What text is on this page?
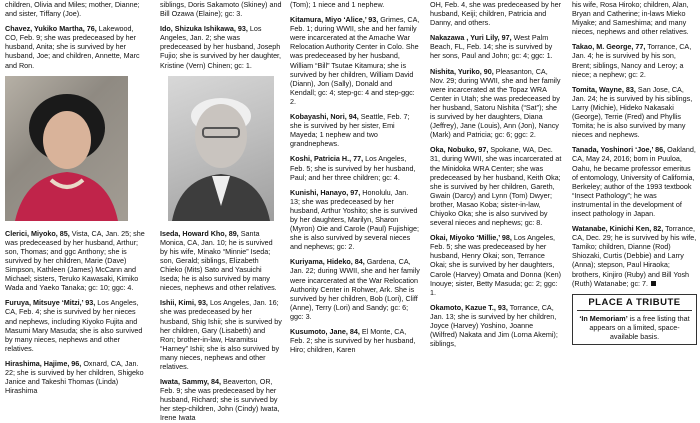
children, Olivia and Miles; mother, Dianne; and sister, Tiffany (Joe).
Chavez, Yukiko Martha, 76, Lakewood, CO, Feb. 9; she was predeceased by her husband, Anita; she is survived by her husband, Joe; and children, Annette, Marc and Ron.
Clerici, Miyoko, 85, Vista, CA, Jan. 25; she was predeceased by her husband, Arthur; son, Thomas; and ggc Anthony; she is survived by her children, Marie (Dave) Simpson, Kathleen (James) McCann and Michael; sisters, Teruko Kawasaki, Kimiko Wada and Yaeko Tanaka; gc: 10; ggc: 4.
Furuya, Mitsuye ‘Mitzi,’ 93, Los Angeles, CA, Feb. 4; she is survived by her nieces and nephews, including Kiyoko Fujita and Masumi Mary Masuda; she is also survived by many nieces, nephews and other relatives.
Hirashima, Hajime, 96, Oxnard, CA, Jan. 22; she is survived by her children, Shigeko Janice and Takeshi Thomas (Linda) Hirashima
siblings, Doris Sakamoto (Skiney) and Bill Ozawa (Elaine); gc: 3.
Ido, Shizuka Ishikawa, 93, Los Angeles, Jan. 2; she was predeceased by her husband, Joseph Fujio; she is survived by her daughter, Kristine (Vern) Chinen; gc: 1.
Iseda, Howard Kho, 89, Santa Monica, CA, Jan. 10; he is survived by his wife, Minako “Minnie” Iseda; son, Gerald; siblings, Elizabeth Chieko (Mits) Sato and Yasuichi Iseda; he is also survived by many nieces, nephews and other relatives.
Ishii, Kimi, 93, Los Angeles, Jan. 16; she was predeceased by her husband, Shig Ishii; she is survived by her children, Gary (Lisabeth) and Ron; brother-in-law, Haramitsu “Harney” Ishii; she is also survived by many nieces, nephews and other relatives.
Iwata, Sammy, 84, Beaverton, OR, Feb. 9; she was predeceased by her husband, Richard; she is survived by her step-children, John (Cindy) Iwata, Irene Iwata
(Tom); 1 niece and 1 nephew.
Kitamura, Miyo ‘Alice,’ 93, Grimes, CA, Feb. 1; during WWII, she and her family were incarcerated at the Amache War Relocation Authority Center in Colo. She was predeceased by her husband, William “Bill” Tsutae Kitamura; she is survived by her children, William David (Diann), Jon (Sally), Donald and Kendall; gc: 4; step-gc: 4 and step-ggc: 2.
Kobayashi, Nori, 94, Seattle, Feb. 7; she is survived by her sister, Emi Mayeda; 1 nephew and two grandnephews.
Koshi, Patricia H., 77, Los Angeles, Feb. 5; she is survived by her husband, Paul; and her three children; gc: 4.
Kunishi, Hanayo, 97, Honolulu, Jan. 13; she was predeceased by her husband, Arthur Yoshito; she is survived by her daughters, Marilyn, Sharon (Myron) Oie and Carole (Paul) Fujishige; she is also survived by several nieces and nephews; gc: 2.
Kuriyama, Hideko, 84, Gardena, CA, Jan. 22; during WWII, she and her family were incarcerated at the War Relocation Authority Center in Rohwer, Ark. She is survived by her children, Bob (Lori), Cliff (Anne), Terry (Lori) and Sandy; gc: 6; ggc: 3.
Kusumoto, Jane, 84, El Monte, CA, Feb. 2; she is survived by her husband, Hiro; children, Karen
OH, Feb. 4, she was predeceased by her husband, Keiji; children, Patricia and Danny, and others.
Nakazawa , Yuri Lily, 97, West Palm Beach, FL, Feb. 14; she is survived by her sons, Paul and John; gc: 4; ggc: 1.
Nishita, Yuriko, 90, Pleasanton, CA, Nov. 29; during WWII, she and her family were incarcerated at the Topaz WRA Center in Utah; she was predeceased by her husband, Satoru Nishita (“Sat”); she is survived by her daughters, Diana (Jeffrey), Jane (Louis), Ann (Jon), Nancy (Mark) and Patricia; gc: 6; ggc: 2.
Oka, Nobuko, 97, Spokane, WA, Dec. 31, during WWII, she was incarcerated at the Minidoka WRA Center; she was predeceased by her husband, Keith Oka; she is survived by her children, Gareth, Gwain (Darcy) and Lynn (Tom) Dwyer; brother, Masao Koba; sister-in-law, Chiyoko Oka; she is also survived by several nieces and nephews; gc: 8.
Okai, Miyoko ‘Millie,’ 98, Los Angeles, Feb. 5; she was predeceased by her husband, Henry Okai; son, Terrance Okai; she is survived by her daughters, Carole (Harvey) Omata and Donna (Ken) Inouye; sister, Betty Masuda; gc: 2; ggc: 1.
Okamoto, Kazue T., 93, Torrance, CA, Jan. 13; she is survived by her children, Joyce (Harvey) Yoshino, Joanne (Wilfred) Nakata and Jim (Lorna Akemi); siblings,
his wife, Rosa Hiroko; children, Alan, Bryan and Catherine; in-laws Mieko Miyake; and Sameshima; and many nieces, nephews and other relatives.
Takao, M. George, 77, Torrance, CA, Jan. 4; he is survived by his son, Brent; siblings, Nancy and Leroy; a niece; a nephew; gc: 2.
Tomita, Wayne, 83, San Jose, CA, Jan. 24; he is survived by his siblings, Larry (Michie), Hideko Nakasaki (George), Terrie (Fred) and Phyllis Tomita; he is also survived by many nieces and nephews.
Tanada, Yoshinori ‘Joe,’ 86, Oakland, CA, May 24, 2016; born in Puuloa, Oahu, he became professor emeritus of entomology, University of California, Berkeley; author of the 1993 textbook “Insect Pathology”; he was instrumental in the development of insect pathology in Japan.
Watanabe, Kinichi Ken, 82, Torrance, CA, Dec. 29; he is survived by his wife, Tamiko; children, Dianne (Rod) Shiozaki, Curtis (Debbie) and Larry (Anna); stepson, Paul Hiraoka; brothers, Kinjiro (Ruby) and Bill Yosh (Ruth) Watanabe; gc: 7.
PLACE A TRIBUTE
‘In Memoriam’ is a free listing that appears on a limited, space-available basis.
